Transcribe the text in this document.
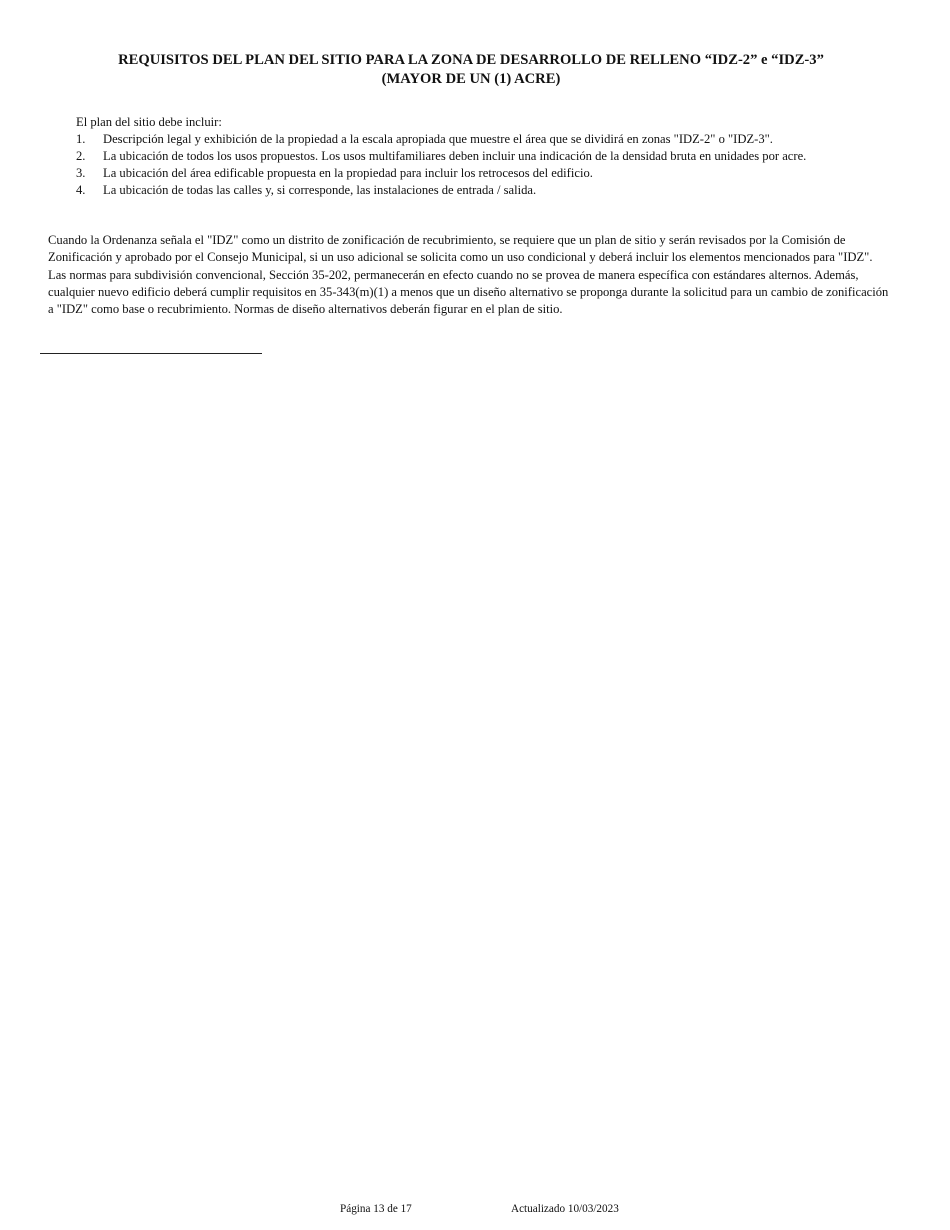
REQUISITOS DEL PLAN DEL SITIO PARA LA ZONA DE DESARROLLO DE RELLENO “IDZ-2” e “IDZ-3”
(MAYOR DE UN (1) ACRE)

El plan del sitio debe incluir:

1. Descripción legal y exhibición de la propiedad a la escala apropiada que muestre el área que se dividirá en zonas "IDZ-2" o "IDZ-3".
2. La ubicación de todos los usos propuestos. Los usos multifamiliares deben incluir una indicación de la densidad bruta en unidades por acre.
3. La ubicación del área edificable propuesta en la propiedad para incluir los retrocesos del edificio.
4. La ubicación de todas las calles y, si corresponde, las instalaciones de entrada / salida.

Cuando la Ordenanza señala el "IDZ" como un distrito de zonificación de recubrimiento, se requiere que un plan de sitio y serán revisados por la Comisión de Zonificación y aprobado por el Consejo Municipal, si un uso adicional se solicita como un uso condicional y deberá incluir los elementos mencionados para "IDZ". Las normas para subdivisión convencional, Sección 35-202, permanecerán en efecto cuando no se provea de manera específica con estándares alternos. Además, cualquier nuevo edificio deberá cumplir requisitos en 35-343(m)(1) a menos que un diseño alternativo se proponga durante la solicitud para un cambio de zonificación a "IDZ" como base o recubrimiento. Normas de diseño alternativos deberán figurar en el plan de sitio.

Página 13 de 17	Actualizado 10/03/2023
